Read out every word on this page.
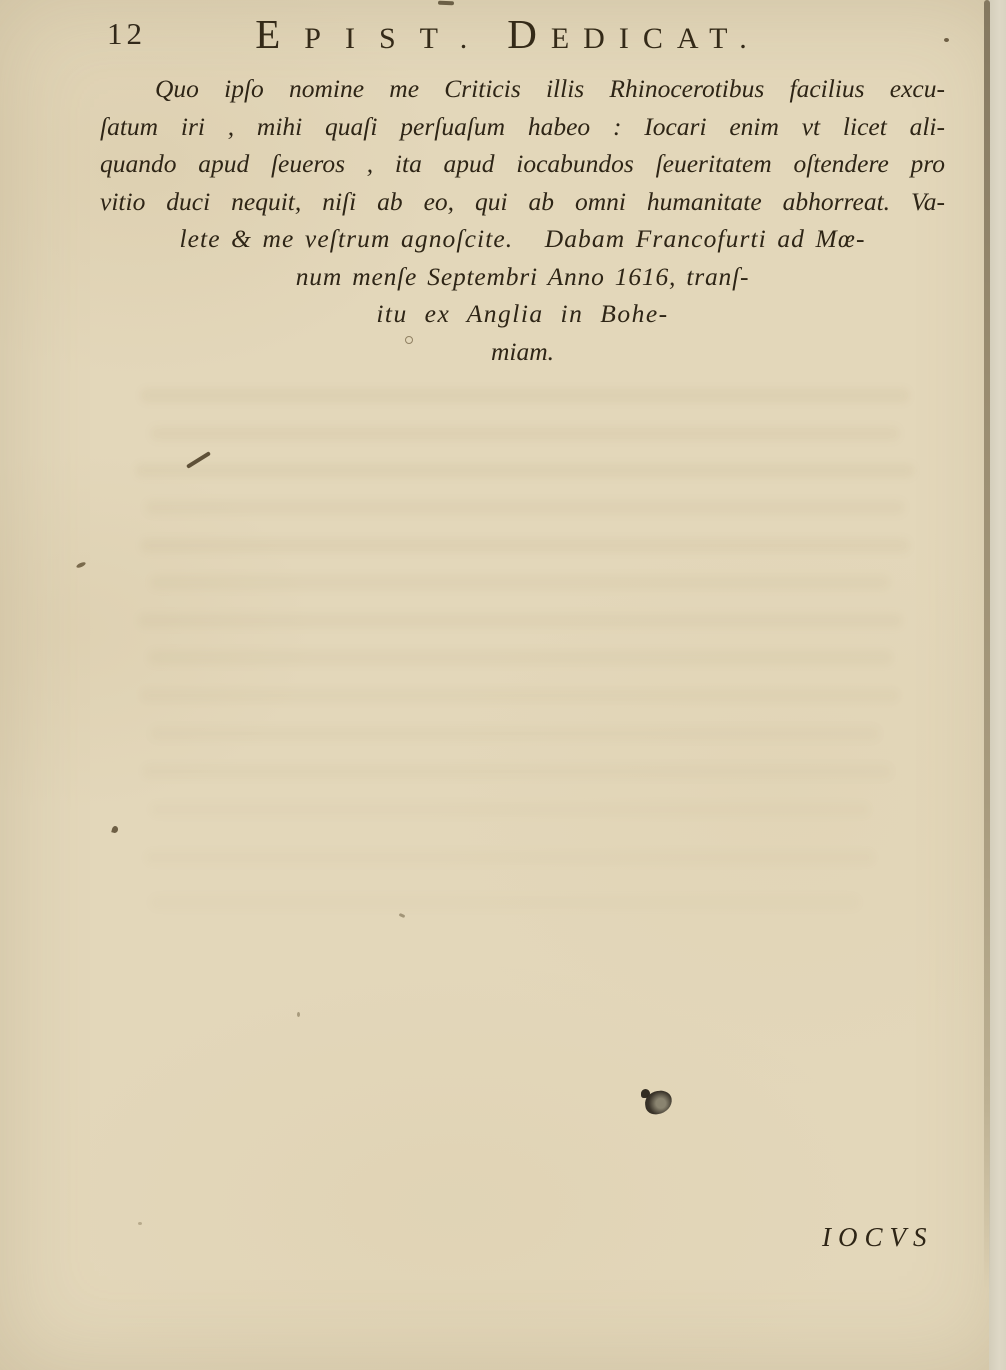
12	EPIST. DEDICAT.

Quo ipſo nomine me Criticis illis Rhinocerotibus facilius excu-

ſatum iri , mihi quaſi perſuaſum habeo : Iocari enim vt licet ali-

quando apud ſeueros , ita apud iocabundos ſeueritatem oſtendere pro

vitio duci nequit, niſi ab eo, qui ab omni humanitate abhorreat. Va-

lete & me veſtrum agnoſcite.   Dabam Francofurti ad Mœ-

num menſe Septembri Anno 1616, tranſ-

itu ex Anglia in Bohe-

miam.

IOCVS
